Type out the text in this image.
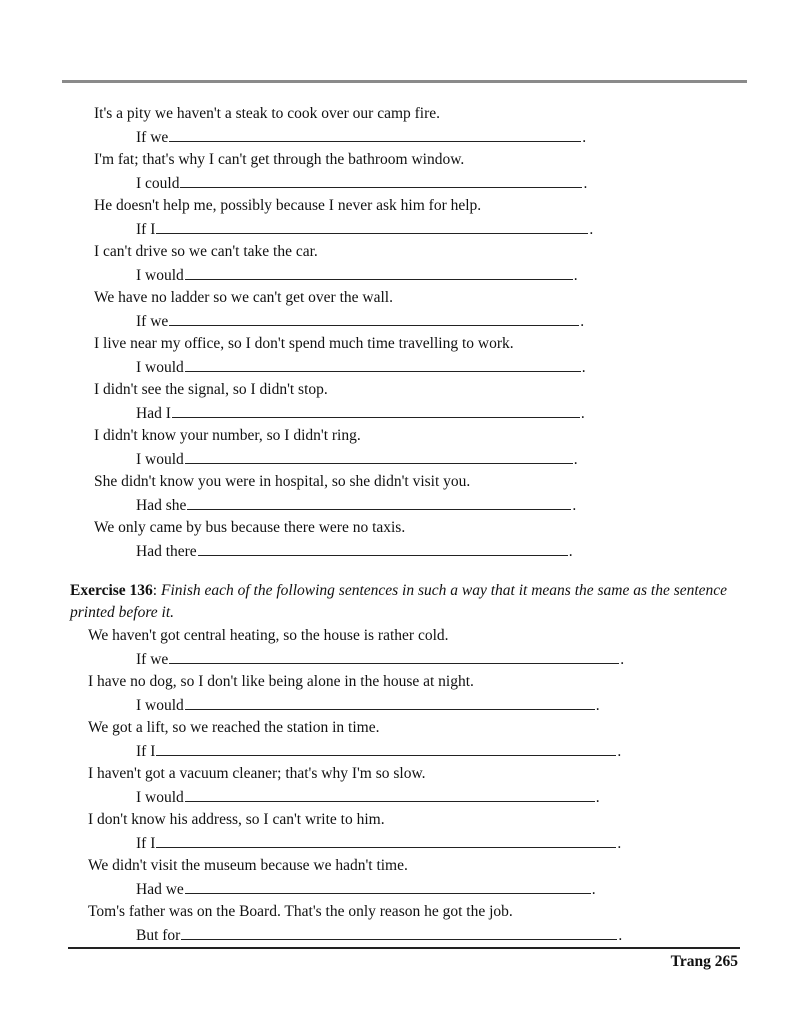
It's a pity we haven't a steak to cook over our camp fire.
If we	.
I'm fat; that's why I can't get through the bathroom window.
I could	.
He doesn't help me, possibly because I never ask him for help.
If I	.
I can't drive so we can't take the car.
I would	.
We have no ladder so we can't get over the wall.
If we	.
I live near my office, so I don't spend much time travelling to work.
I would	.
I didn't see the signal, so I didn't stop.
Had I	.
I didn't know your number, so I didn't ring.
I would	.
She didn't know you were in hospital, so she didn't visit you.
Had she	.
We only came by bus because there were no taxis.
Had there	.
Exercise 136: Finish each of the following sentences in such a way that it means the same as the sentence printed before it.
We haven't got central heating, so the house is rather cold.
If we	.
I have no dog, so I don't like being alone in the house at night.
I would	.
We got a lift, so we reached the station in time.
If I	.
I haven't got a vacuum cleaner; that's why I'm so slow.
I would	.
I don't know his address, so I can't write to him.
If I	.
We didn't visit the museum because we hadn't time.
Had we	.
Tom's father was on the Board. That's the only reason he got the job.
But for	.
Trang 265
